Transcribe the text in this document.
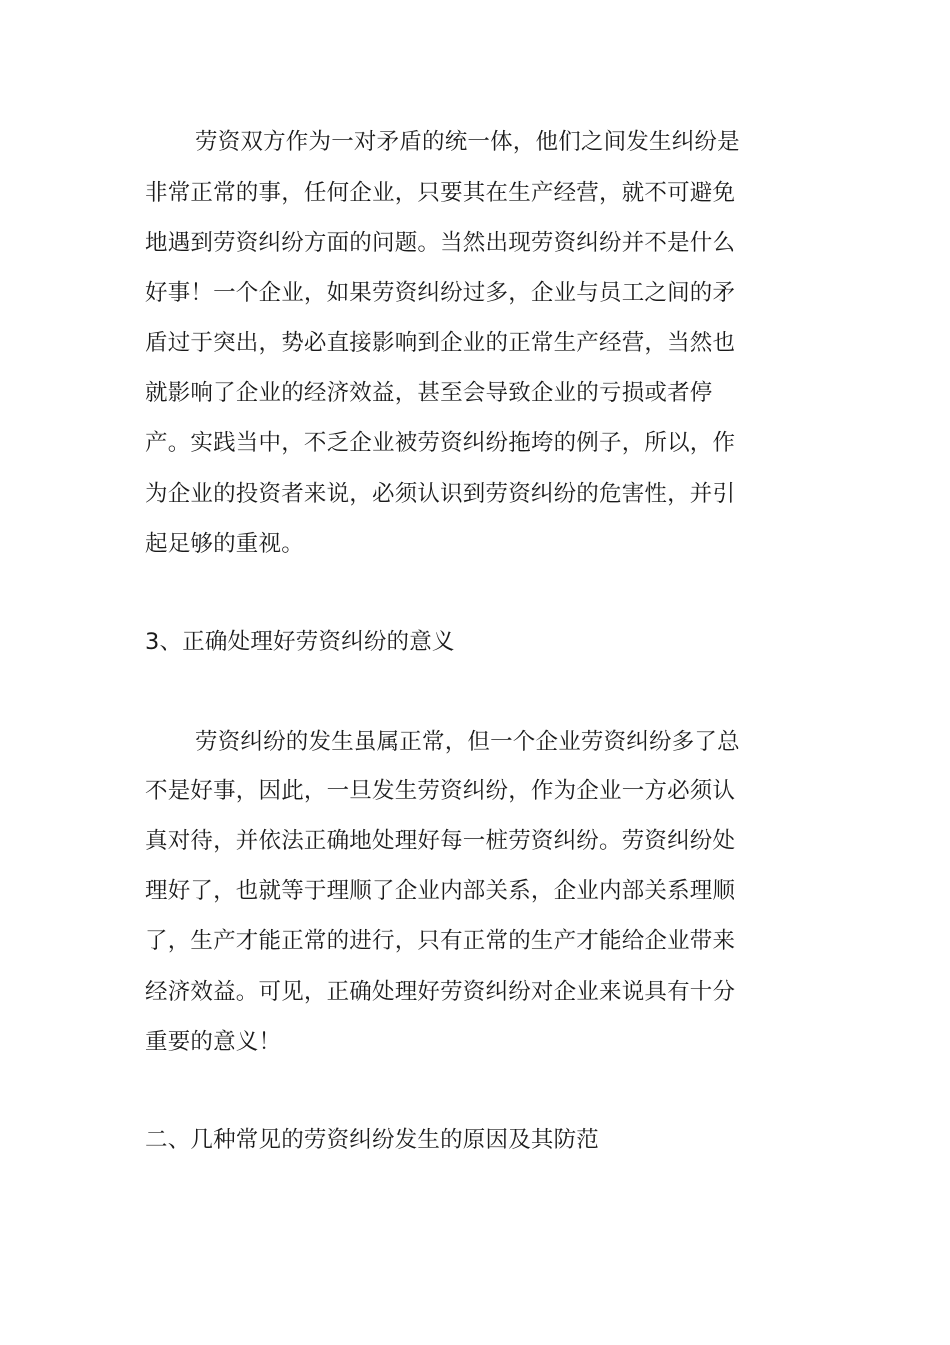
劳资双方作为一对矛盾的统一体，他们之间发生纠纷是
非常正常的事，任何企业，只要其在生产经营，就不可避免
地遇到劳资纠纷方面的问题。当然出现劳资纠纷并不是什么
好事！一个企业，如果劳资纠纷过多，企业与员工之间的矛
盾过于突出，势必直接影响到企业的正常生产经营，当然也
就影响了企业的经济效益，甚至会导致企业的亏损或者停
产。实践当中，不乏企业被劳资纠纷拖垮的例子，所以，作
为企业的投资者来说，必须认识到劳资纠纷的危害性，并引
起足够的重视。
3、正确处理好劳资纠纷的意义
劳资纠纷的发生虽属正常，但一个企业劳资纠纷多了总
不是好事，因此，一旦发生劳资纠纷，作为企业一方必须认
真对待，并依法正确地处理好每一桩劳资纠纷。劳资纠纷处
理好了，也就等于理顺了企业内部关系，企业内部关系理顺
了，生产才能正常的进行，只有正常的生产才能给企业带来
经济效益。可见，正确处理好劳资纠纷对企业来说具有十分
重要的意义！
二、几种常见的劳资纠纷发生的原因及其防范
